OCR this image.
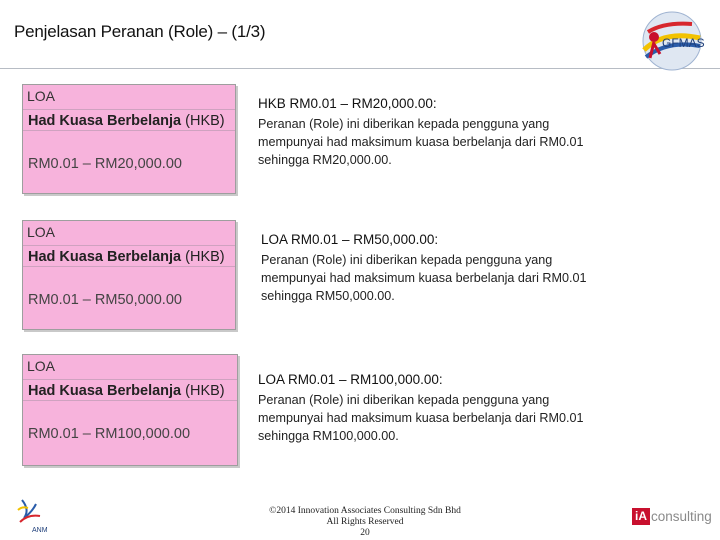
Penjelasan Peranan (Role) – (1/3)
GFMAS
LOA
Had Kuasa Berbelanja (HKB)
RM0.01 – RM20,000.00
LOA
Had Kuasa Berbelanja (HKB)
RM0.01 – RM50,000.00
LOA
Had Kuasa Berbelanja (HKB)
RM0.01 – RM100,000.00
HKB RM0.01 – RM20,000.00:
Peranan (Role) ini diberikan kepada pengguna yang mempunyai had maksimum kuasa berbelanja dari RM0.01 sehingga RM20,000.00.
LOA RM0.01 – RM50,000.00:
Peranan (Role) ini diberikan kepada pengguna yang mempunyai had maksimum kuasa berbelanja dari RM0.01 sehingga RM50,000.00.
LOA RM0.01 – RM100,000.00:
Peranan (Role) ini diberikan kepada pengguna yang mempunyai had maksimum kuasa berbelanja dari RM0.01 sehingga RM100,000.00.
ANM
©2014 Innovation Associates Consulting Sdn Bhd
All Rights Reserved
20
iA consulting
